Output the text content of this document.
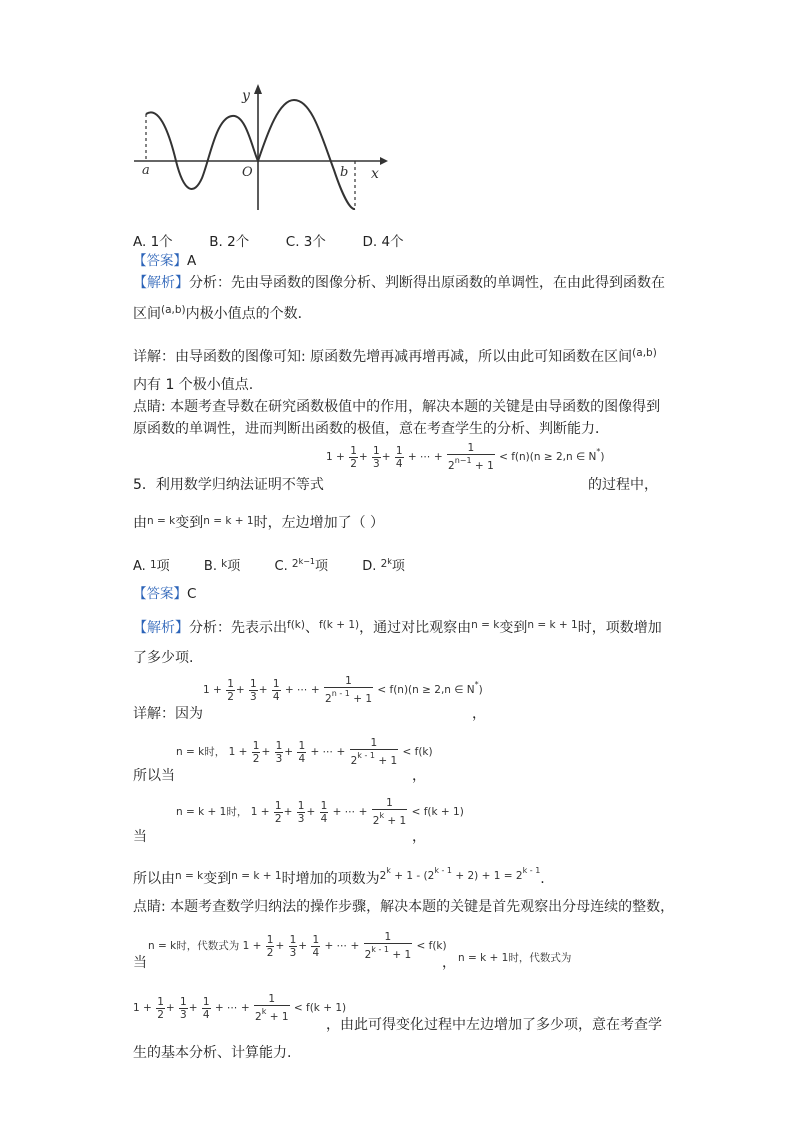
y
x
a	O	b
A. 1个	B. 2个	C. 3个	D. 4个
【答案】A
【解析】分析：先由导函数的图像分析、判断得出原函数的单调性，在由此得到函数在
区间$^{(a,b)}$内极小值点的个数．
详解：由导函数的图像可知: 原函数先增再减再增再减，所以由此可知函数在区间$^{(a,b)}$
内有 1 个极小值点.
点睛: 本题考查导数在研究函数极值中的作用，解决本题的关键是由导函数的图像得到
原函数的单调性，进而判断出函数的极值，意在考查学生的分析、判断能力．
$1 + \frac{1}{2} + \frac{1}{3} + \frac{1}{4}$ + ⋯ + $\frac{1}{2^{n-1} + 1} < f(n)(n \ge 2,n$ ∈ N*)
5．利用数学归纳法证明不等式	的过程中，
由$^{n = k}$变到$^{n = k + 1}$时，左边增加了（ ）
A. 1项	B. $^k$项	C. $^{2k-1}$项	D. $^{2k}$项
【答案】C
【解析】分析：先表示出$^{f(k)}$、$^{f(k + 1)}$，通过对比观察由$^{n = k}$变到$^{n = k + 1}$时，项数增加
了多少项.
$1 + \frac{1}{2} + \frac{1}{3} + \frac{1}{4}$ + ⋯ + $\frac{1}{2^{n - 1} + 1} < f(n)(n \ge 2,n$ ∈ N*)
详解：因为	，
n = k时， $1 + \frac{1}{2} + \frac{1}{3} + \frac{1}{4}$ + ⋯ + $\frac{1}{2^{k - 1} + 1} < f(k)$
所以当	，
n = k + 1时， $1 + \frac{1}{2} + \frac{1}{3} + \frac{1}{4}$ + ⋯ + $\frac{1}{2^k + 1} < f(k + 1)$
当	，
所以由$^{n = k}$变到$^{n = k + 1}$时增加的项数为$^{2^k + 1 - (2^{k - 1} + 2) + 1 = 2^{k - 1}}$.
点睛: 本题考查数学归纳法的操作步骤，解决本题的关键是首先观察出分母连续的整数，
n = k时，代数式为 $1 + \frac{1}{2} + \frac{1}{3} + \frac{1}{4}$ + ⋯ + $\frac{1}{2^{k - 1} + 1} < f(k)$
当	， n = k + 1时，代数式为
$1 + \frac{1}{2} + \frac{1}{3} + \frac{1}{4}$ + ⋯ + $\frac{1}{2^k + 1} < f(k + 1)$
，由此可得变化过程中左边增加了多少项，意在考查学
生的基本分析、计算能力.
